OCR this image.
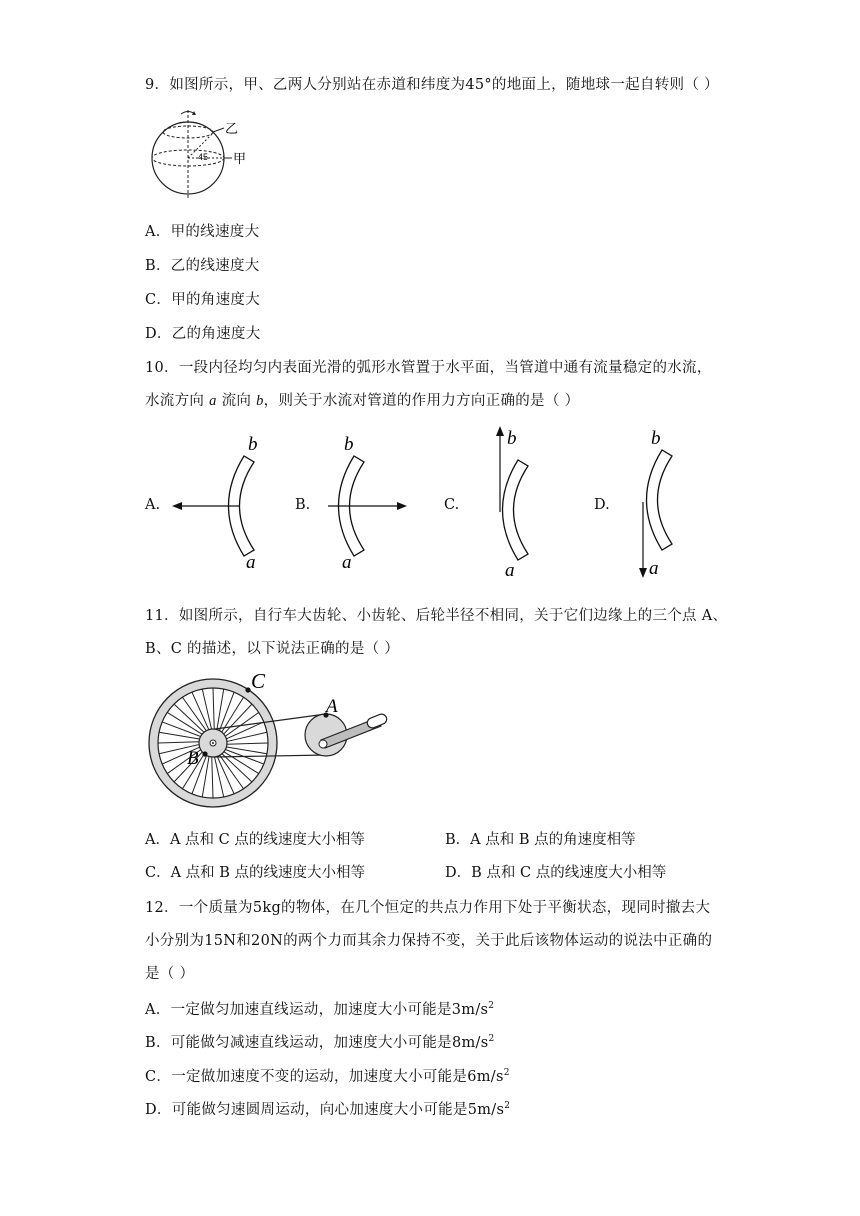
9．如图所示，甲、乙两人分别站在赤道和纬度为45°的地面上，随地球一起自转则（ ）
45
乙
甲
A．甲的线速度大
B．乙的线速度大
C．甲的角速度大
D．乙的角速度大
10．一段内径均匀内表面光滑的弧形水管置于水平面，当管道中通有流量稳定的水流，
水流方向 a 流向 b，则关于水流对管道的作用力方向正确的是（ ）
A.	B.	C.	D.
b
a
b
a
b
a
b
a
11．如图所示，自行车大齿轮、小齿轮、后轮半径不相同，关于它们边缘上的三个点 A、
B、C 的描述，以下说法正确的是（ ）
A
B
C
A．A 点和 C 点的线速度大小相等	B．A 点和 B 点的角速度相等
C．A 点和 B 点的线速度大小相等	D．B 点和 C 点的线速度大小相等
12．一个质量为5kg的物体，在几个恒定的共点力作用下处于平衡状态，现同时撤去大
小分别为15N和20N的两个力而其余力保持不变，关于此后该物体运动的说法中正确的
是（ ）
A．一定做匀加速直线运动，加速度大小可能是$3m/s^2$
B．可能做匀减速直线运动，加速度大小可能是$8m/s^2$
C．一定做加速度不变的运动，加速度大小可能是$6m/s^2$
D．可能做匀速圆周运动，向心加速度大小可能是$5m/s^2$
